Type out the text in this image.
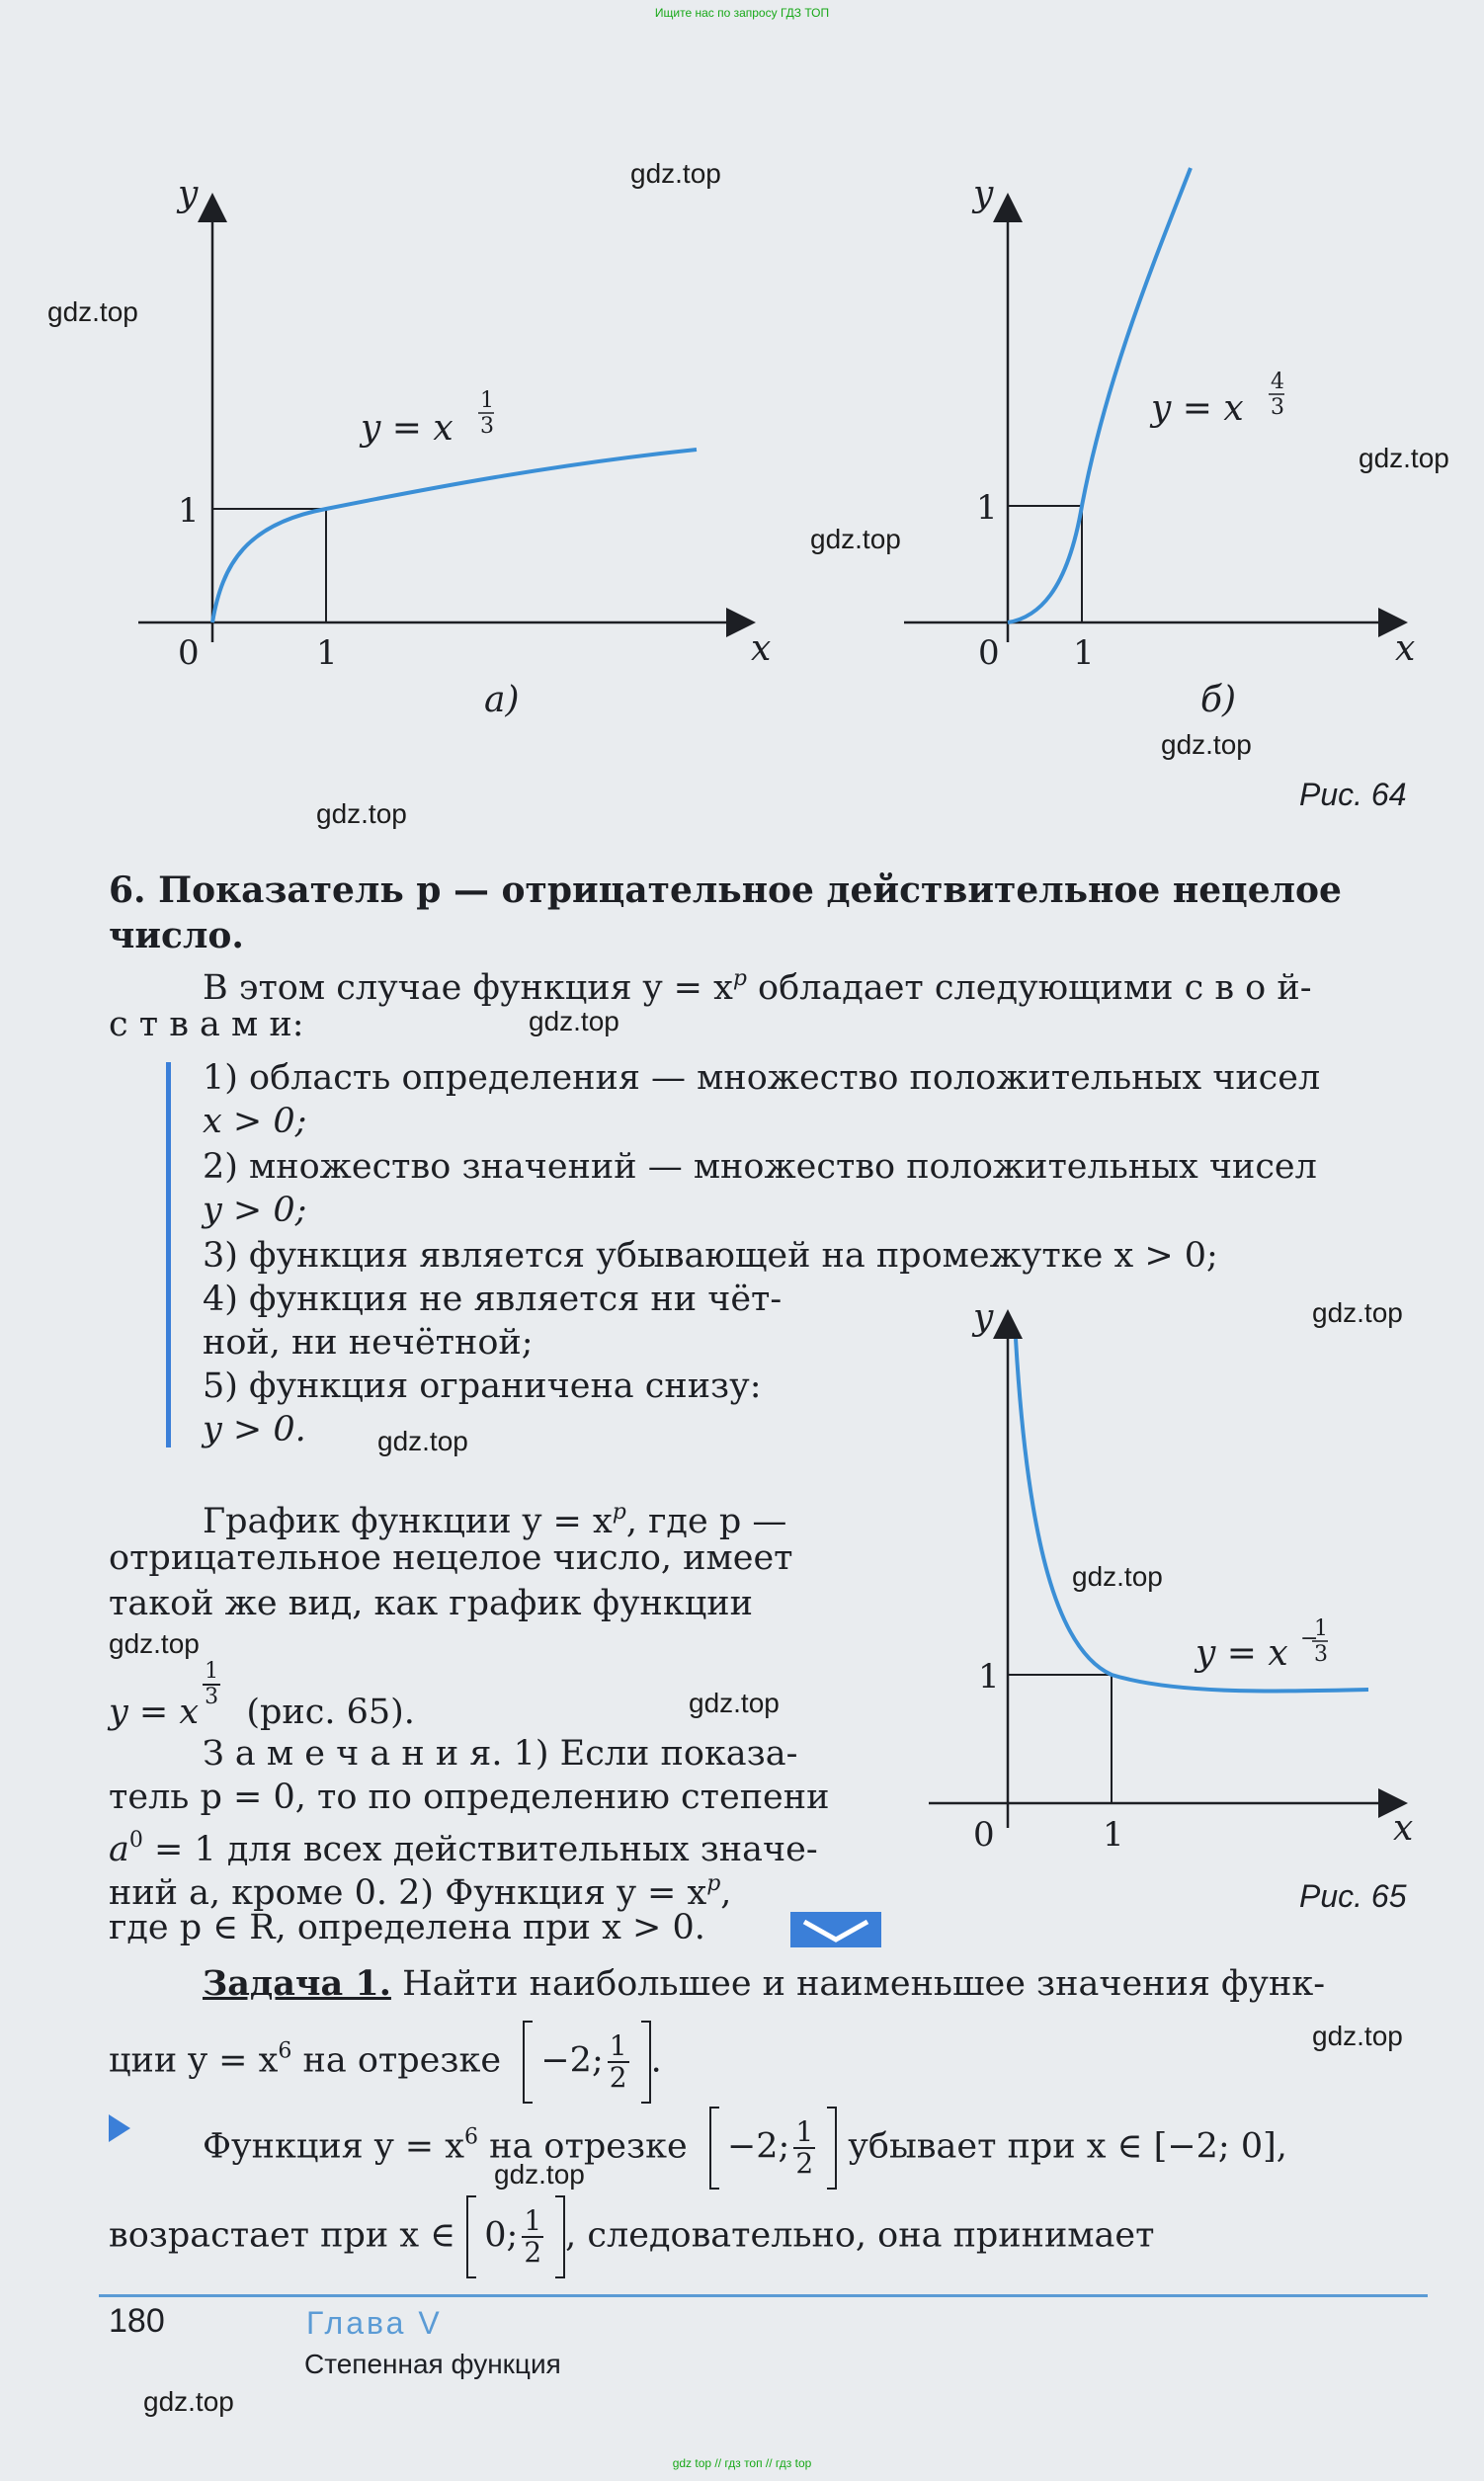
Ищите нас по запросу ГДЗ ТОП
y
x
0	1
1
y = x
1
3
а)
y
x
0 1
1
y = x
4
3
б)
Рис. 64
y
x
0	1
1
y = x −
1
3
Рис. 65
gdz.top
gdz.top
gdz.top
gdz.top
gdz.top
gdz.top
gdz.top
gdz.top
gdz.top
gdz.top
gdz.top
gdz.top
gdz.top
gdz.top
gdz.top
6. Показатель p — отрицательное действительное нецелое
число.
В этом случае функция $y = x^p$ обладает следующими с в о й-
с т в а м и:
1) область определения — множество положительных чисел
x > 0;
2) множество значений — множество положительных чисел
y > 0;
3) функция является убывающей на промежутке x > 0;
4) функция не является ни чёт-
ной, ни нечётной;
5) функция ограничена снизу:
y > 0.
График функции $y = x^p$, где p —
отрицательное нецелое число, имеет
такой же вид, как график функции
y = x
$\frac{1}{3}$
(рис. 65).
З а м е ч а н и я. 1) Если показа-
тель p = 0, то по определению степени
$a^0 = 1$ для всех действительных значе-
ний a, кроме 0. 2) Функция $y = x^p$,
где p ∈ R, определена при x > 0.
Задача 1. Найти наибольшее и наименьшее значения функ-
ции $y = x^6$ на отрезке −2; $\frac{1}{2}$ .
Функция $y = x^6$ на отрезке −2; $\frac{1}{2}$ убывает при x ∈ [−2; 0],
возрастает при x ∈ 0; $\frac{1}{2}$ , следовательно, она принимает
180	Глава V
Степенная функция
gdz top // гдз топ // гдз top
